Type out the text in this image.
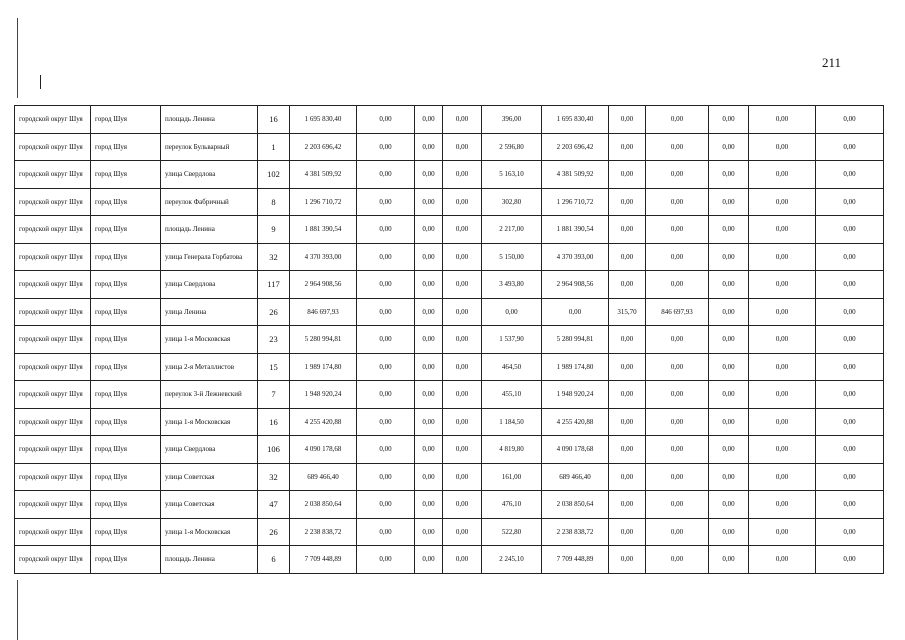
211
городской округ Шуя	город Шуя	площадь Ленина	16	1 695 830,40	0,00	0,00	0,00	396,00	1 695 830,40	0,00	0,00	0,00	0,00	0,00
городской округ Шуя	город Шуя	переулок Бульварный	1	2 203 696,42	0,00	0,00	0,00	2 596,80	2 203 696,42	0,00	0,00	0,00	0,00	0,00
городской округ Шуя	город Шуя	улица Свердлова	102	4 381 509,92	0,00	0,00	0,00	5 163,10	4 381 509,92	0,00	0,00	0,00	0,00	0,00
городской округ Шуя	город Шуя	переулок Фабричный	8	1 296 710,72	0,00	0,00	0,00	302,80	1 296 710,72	0,00	0,00	0,00	0,00	0,00
городской округ Шуя	город Шуя	площадь Ленина	9	1 881 390,54	0,00	0,00	0,00	2 217,00	1 881 390,54	0,00	0,00	0,00	0,00	0,00
городской округ Шуя	город Шуя	улица Генерала Горбатова	32	4 370 393,00	0,00	0,00	0,00	5 150,00	4 370 393,00	0,00	0,00	0,00	0,00	0,00
городской округ Шуя	город Шуя	улица Свердлова	117	2 964 908,56	0,00	0,00	0,00	3 493,80	2 964 908,56	0,00	0,00	0,00	0,00	0,00
городской округ Шуя	город Шуя	улица Ленина	26	846 697,93	0,00	0,00	0,00	0,00	0,00	315,70	846 697,93	0,00	0,00	0,00
городской округ Шуя	город Шуя	улица 1-я Московская	23	5 280 994,81	0,00	0,00	0,00	1 537,90	5 280 994,81	0,00	0,00	0,00	0,00	0,00
городской округ Шуя	город Шуя	улица 2-я Металлистов	15	1 989 174,80	0,00	0,00	0,00	464,50	1 989 174,80	0,00	0,00	0,00	0,00	0,00
городской округ Шуя	город Шуя	переулок 3-й Лежневский	7	1 948 920,24	0,00	0,00	0,00	455,10	1 948 920,24	0,00	0,00	0,00	0,00	0,00
городской округ Шуя	город Шуя	улица 1-я Московская	16	4 255 420,88	0,00	0,00	0,00	1 184,50	4 255 420,88	0,00	0,00	0,00	0,00	0,00
городской округ Шуя	город Шуя	улица Свердлова	106	4 090 178,68	0,00	0,00	0,00	4 819,80	4 090 178,68	0,00	0,00	0,00	0,00	0,00
городской округ Шуя	город Шуя	улица Советская	32	689 466,40	0,00	0,00	0,00	161,00	689 466,40	0,00	0,00	0,00	0,00	0,00
городской округ Шуя	город Шуя	улица Советская	47	2 038 850,64	0,00	0,00	0,00	476,10	2 038 850,64	0,00	0,00	0,00	0,00	0,00
городской округ Шуя	город Шуя	улица 1-я Московская	26	2 238 838,72	0,00	0,00	0,00	522,80	2 238 838,72	0,00	0,00	0,00	0,00	0,00
городской округ Шуя	город Шуя	площадь Ленина	6	7 709 448,89	0,00	0,00	0,00	2 245,10	7 709 448,89	0,00	0,00	0,00	0,00	0,00
